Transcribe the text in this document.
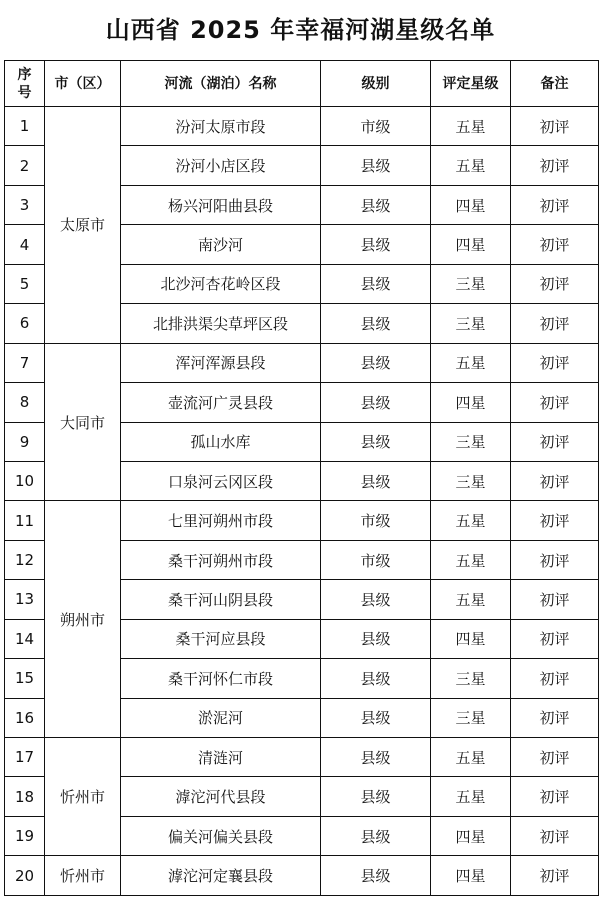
山西省 2025 年幸福河湖星级名单
序
号	市（区）	河流（湖泊）名称	级别	评定星级	备注
1	太原市	汾河太原市段	市级	五星	初评
2		汾河小店区段	县级	五星	初评
3		杨兴河阳曲县段	县级	四星	初评
4		南沙河	县级	四星	初评
5		北沙河杏花岭区段	县级	三星	初评
6		北排洪渠尖草坪区段	县级	三星	初评
7	大同市	浑河浑源县段	县级	五星	初评
8		壶流河广灵县段	县级	四星	初评
9		孤山水库	县级	三星	初评
10		口泉河云冈区段	县级	三星	初评
11	朔州市	七里河朔州市段	市级	五星	初评
12		桑干河朔州市段	市级	五星	初评
13		桑干河山阴县段	县级	五星	初评
14		桑干河应县段	县级	四星	初评
15		桑干河怀仁市段	县级	三星	初评
16		淤泥河	县级	三星	初评
17	忻州市	清涟河	县级	五星	初评
18		滹沱河代县段	县级	五星	初评
19		偏关河偏关县段	县级	四星	初评
20	忻州市	滹沱河定襄县段	县级	四星	初评
